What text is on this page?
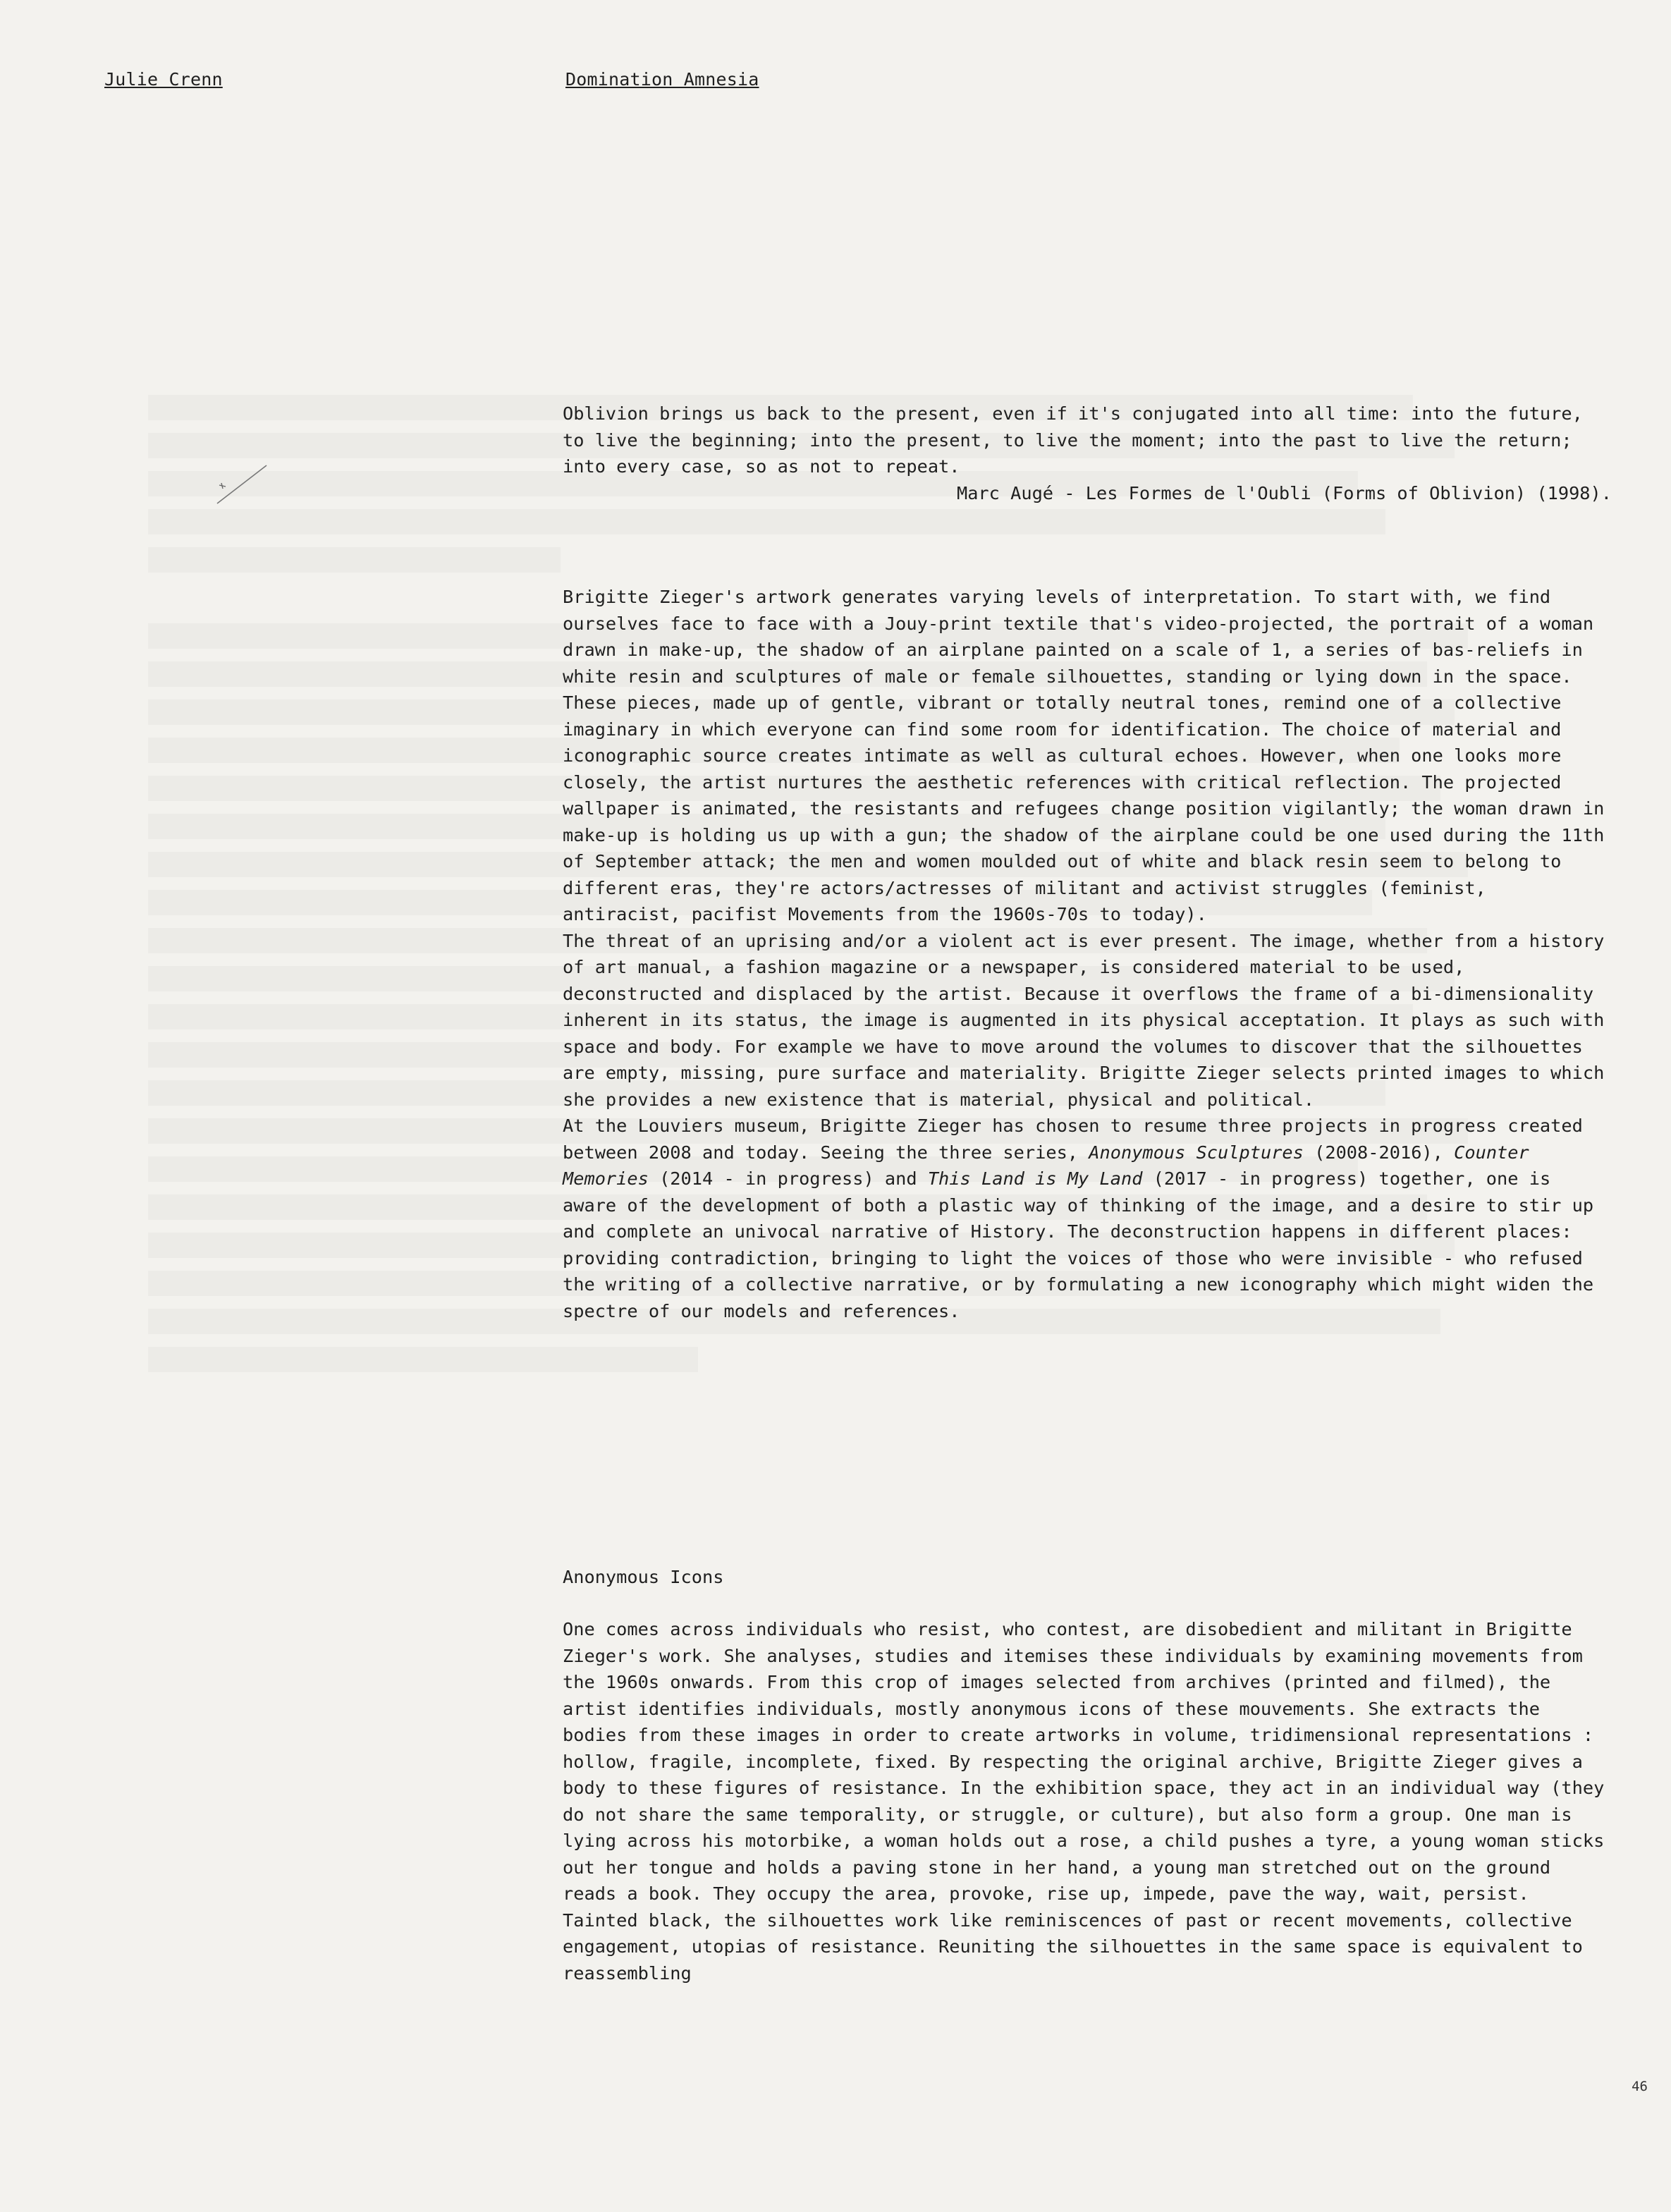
Julie Crenn	Domination Amnesia

Oblivion brings us back to the present, even if it's conjugated into all time: into the future, to live the beginning; into the present, to live the moment; into the past to live the return; into every case, so as not to repeat.

Marc Augé - Les Formes de l'Oubli (Forms of Oblivion) (1998).

Brigitte Zieger's artwork generates varying levels of interpretation. To start with, we find ourselves face to face with a Jouy-print textile that's video-projected, the portrait of a woman drawn in make-up, the shadow of an airplane painted on a scale of 1, a series of bas-reliefs in white resin and sculptures of male or female silhouettes, standing or lying down in the space. These pieces, made up of gentle, vibrant or totally neutral tones, remind one of a collective imaginary in which everyone can find some room for identification. The choice of material and iconographic source creates intimate as well as cultural echoes. However, when one looks more closely, the artist nurtures the aesthetic references with critical reflection. The projected wallpaper is animated, the resistants and refugees change position vigilantly; the woman drawn in make-up is holding us up with a gun; the shadow of the airplane could be one used during the 11th of September attack; the men and women moulded out of white and black resin seem to belong to different eras, they're actors/actresses of militant and activist struggles (feminist, antiracist, pacifist Movements from the 1960s-70s to today).

The threat of an uprising and/or a violent act is ever present. The image, whether from a history of art manual, a fashion magazine or a newspaper, is considered material to be used, deconstructed and displaced by the artist. Because it overflows the frame of a bi-dimensionality inherent in its status, the image is augmented in its physical acceptation. It plays as such with space and body. For example we have to move around the volumes to discover that the silhouettes are empty, missing, pure surface and materiality. Brigitte Zieger selects printed images to which she provides a new existence that is material, physical and political.

At the Louviers museum, Brigitte Zieger has chosen to resume three projects in progress created between 2008 and today. Seeing the three series, Anonymous Sculptures (2008-2016), Counter Memories (2014 - in progress) and This Land is My Land (2017 - in progress) together, one is aware of the development of both a plastic way of thinking of the image, and a desire to stir up and complete an univocal narrative of History. The deconstruction happens in different places: providing contradiction, bringing to light the voices of those who were invisible - who refused the writing of a collective narrative, or by formulating a new iconography which might widen the spectre of our models and references.

Anonymous Icons

One comes across individuals who resist, who contest, are disobedient and militant in Brigitte Zieger's work. She analyses, studies and itemises these individuals by examining movements from the 1960s onwards. From this crop of images selected from archives (printed and filmed), the artist identifies individuals, mostly anonymous icons of these mouvements. She extracts the bodies from these images in order to create artworks in volume, tridimensional representations : hollow, fragile, incomplete, fixed. By respecting the original archive, Brigitte Zieger gives a body to these figures of resistance. In the exhibition space, they act in an individual way (they do not share the same temporality, or struggle, or culture), but also form a group. One man is lying across his motorbike, a woman holds out a rose, a child pushes a tyre, a young woman sticks out her tongue and holds a paving stone in her hand, a young man stretched out on the ground reads a book. They occupy the area, provoke, rise up, impede, pave the way, wait, persist. Tainted black, the silhouettes work like reminiscences of past or recent movements, collective engagement, utopias of resistance. Reuniting the silhouettes in the same space is equivalent to reassembling

46
